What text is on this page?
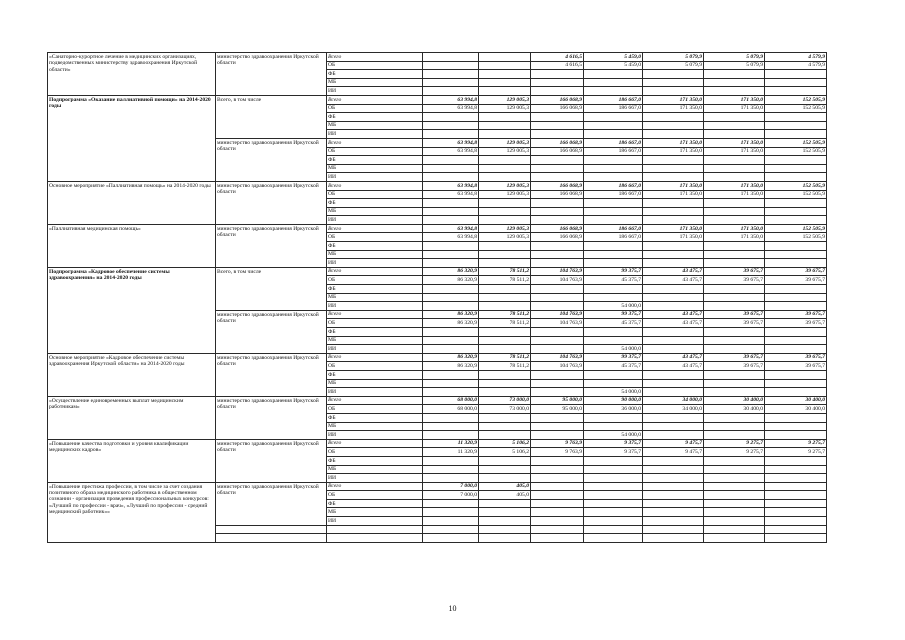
«Санаторно-курортное лечение в медицинских организациях, подведомственных министерству здравоохранения Иркутской области»	министерство здравоохранения Иркутской области	Всего			4 616,5	5 459,0	5 079,9	5 079,9	4 579,9
		ОБ			4 616,5	5 459,0	5 079,9	5 079,9	4 579,9
		ФБ							
		МБ							
		ИИ							
Подпрограмма «Оказание паллиативной помощи» на 2014-2020 годы	Всего, в том числе	Всего	63 994,8	129 005,3	166 068,9	186 667,0	171 350,0	171 350,0	152 505,9
		ОБ	63 994,8	129 005,3	166 068,9	186 667,0	171 350,0	171 350,0	152 505,9
		ФБ							
		МБ							
		ИИ							
	министерство здравоохранения Иркутской области	Всего	63 994,8	129 005,3	166 068,9	186 667,0	171 350,0	171 350,0	152 505,9
		ОБ	63 994,8	129 005,3	166 068,9	186 667,0	171 350,0	171 350,0	152 505,9
		ФБ							
		МБ							
		ИИ							
Основное мероприятие «Паллиативная помощь» на 2014-2020 годы	министерство здравоохранения Иркутской области	Всего	63 994,8	129 005,3	166 068,9	186 667,0	171 350,0	171 350,0	152 505,9
		ОБ	63 994,8	129 005,3	166 068,9	186 667,0	171 350,0	171 350,0	152 505,9
		ФБ							
		МБ							
		ИИ							
«Паллиативная медицинская помощь»	министерство здравоохранения Иркутской области	Всего	63 994,8	129 005,3	166 068,9	186 667,0	171 350,0	171 350,0	152 505,9
		ОБ	63 994,8	129 005,3	166 068,9	186 667,0	171 350,0	171 350,0	152 505,9
		ФБ							
		МБ							
		ИИ							
Подпрограмма «Кадровое обеспечение системы здравоохранения» на 2014-2020 годы	Всего, в том числе	Всего	86 320,9	78 511,2	104 763,9	99 375,7	43 475,7	39 675,7	39 675,7
		ОБ	86 320,9	78 511,2	104 763,9	45 375,7	43 475,7	39 675,7	39 675,7
		ФБ							
		МБ							
		ИИ				54 000,0			
	министерство здравоохранения Иркутской области	Всего	86 320,9	78 511,2	104 763,9	99 375,7	43 475,7	39 675,7	39 675,7
		ОБ	86 320,9	78 511,2	104 763,9	45 375,7	43 475,7	39 675,7	39 675,7
		ФБ							
		МБ							
		ИИ				54 000,0			
Основное мероприятие «Кадровое обеспечение системы здравоохранения Иркутской области» на 2014-2020 годы	министерство здравоохранения Иркутской области	Всего	86 320,9	78 511,2	104 763,9	99 375,7	43 475,7	39 675,7	39 675,7
		ОБ	86 320,9	78 511,2	104 763,9	45 375,7	43 475,7	39 675,7	39 675,7
		ФБ							
		МБ							
		ИИ				54 000,0			
«Осуществление единовременных выплат медицинским работникам»	министерство здравоохранения Иркутской области	Всего	68 000,0	73 000,0	95 000,0	90 000,0	34 000,0	30 400,0	30 400,0
		ОБ	68 000,0	73 000,0	95 000,0	36 000,0	34 000,0	30 400,0	30 400,0
		ФБ							
		МБ							
		ИИ				54 000,0			
«Повышение качества подготовки и уровня квалификации медицинских кадров»	министерство здравоохранения Иркутской области	Всего	11 320,9	5 106,2	9 763,9	9 375,7	9 475,7	9 275,7	9 275,7
		ОБ	11 320,9	5 106,2	9 763,9	9 375,7	9 475,7	9 275,7	9 275,7
		ФБ							
		МБ							
		ИИ							
«Повышение престижа профессии, в том числе за счет создания позитивного образа медицинского работника в общественном сознании - организация проведения профессиональных конкурсов: «Лучший по профессии - врач», «Лучший по профессии - средний медицинский работник»»	министерство здравоохранения Иркутской области	Всего	7 000,0	405,0					
		ОБ	7 000,0	405,0					
		ФБ							
		МБ							
		ИИ							

10
